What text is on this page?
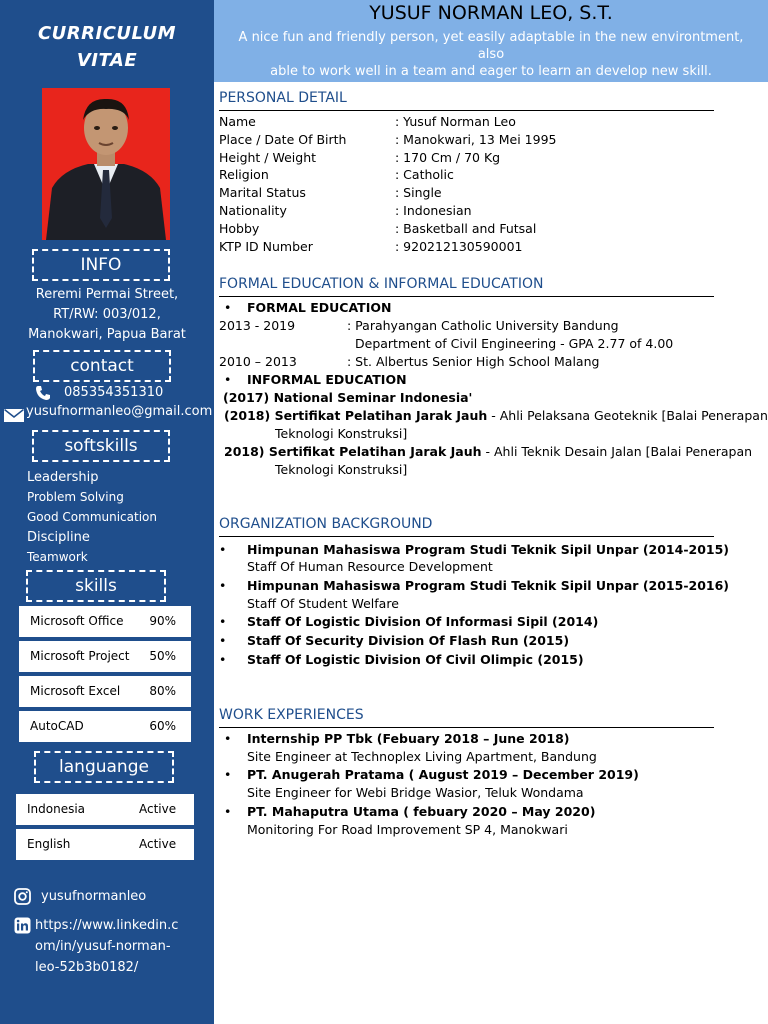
CURRICULUM
VITAE
INFO
Reremi Permai Street,
RT/RW: 003/012,
Manokwari, Papua Barat
contact
085354351310
yusufnormanleo@gmail.com
softskills
Leadership
Problem Solving
Good Communication
Discipline
Teamwork
skills
Microsoft Office 90%
Microsoft Project 50%
Microsoft Excel 80%
AutoCAD	60%
languange
Indonesia	Active
English	Active
yusufnormanleo
https://www.linkedin.c
om/in/yusuf-norman-
leo-52b3b0182/
YUSUF NORMAN LEO, S.T.
A nice fun and friendly person, yet easily adaptable in the new environtment, also
able to work well in a team and eager to learn an develop new skill.
PERSONAL DETAIL
Name	: Yusuf Norman Leo
Place / Date Of Birth	: Manokwari, 13 Mei 1995
Height / Weight	: 170 Cm / 70 Kg
Religion	: Catholic
Marital Status	: Single
Nationality	: Indonesian
Hobby	: Basketball and Futsal
KTP ID Number	: 920212130590001
FORMAL EDUCATION & INFORMAL EDUCATION
• FORMAL EDUCATION
2013 - 2019	: Parahyangan Catholic University Bandung
Department of Civil Engineering - GPA 2.77 of 4.00
2010 – 2013	: St. Albertus Senior High School Malang
• INFORMAL EDUCATION
(2017) National Seminar Indonesia'
(2018) Sertifikat Pelatihan Jarak Jauh - Ahli Pelaksana Geoteknik [Balai Penerapan
Teknologi Konstruksi]
2018) Sertifikat Pelatihan Jarak Jauh - Ahli Teknik Desain Jalan [Balai Penerapan
Teknologi Konstruksi]
ORGANIZATION BACKGROUND
• Himpunan Mahasiswa Program Studi Teknik Sipil Unpar (2014-2015)
Staff Of Human Resource Development
• Himpunan Mahasiswa Program Studi Teknik Sipil Unpar (2015-2016)
Staff Of Student Welfare
• Staff Of Logistic Division Of Informasi Sipil (2014)
• Staff Of Security Division Of Flash Run (2015)
• Staff Of Logistic Division Of Civil Olimpic (2015)
WORK EXPERIENCES
• Internship PP Tbk (Febuary 2018 – June 2018)
Site Engineer at Technoplex Living Apartment, Bandung
• PT. Anugerah Pratama ( August 2019 – December 2019)
Site Engineer for Webi Bridge Wasior, Teluk Wondama
• PT. Mahaputra Utama ( febuary 2020 – May 2020)
Monitoring For Road Improvement SP 4, Manokwari
